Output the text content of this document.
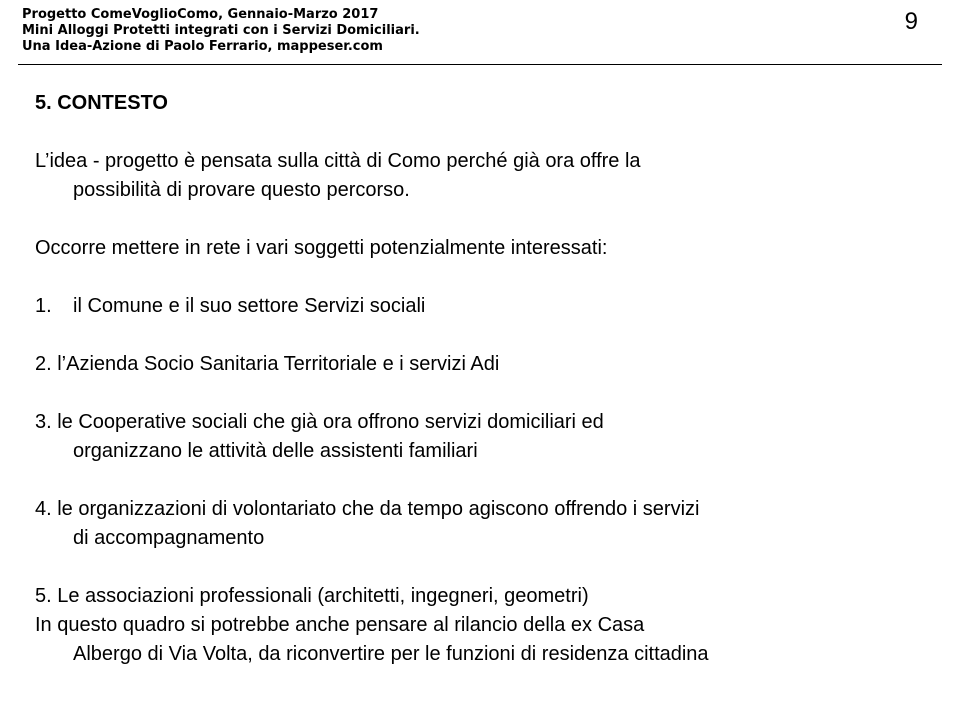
Progetto ComeVoglioComo, Gennaio-Marzo 2017
Mini Alloggi Protetti integrati con i Servizi Domiciliari.
Una Idea-Azione di Paolo Ferrario, mappeser.com
9
5. CONTESTO
L’idea - progetto è pensata sulla città di Como perché già ora offre la
possibilità di provare questo percorso.
Occorre mettere in rete i vari soggetti potenzialmente interessati:
1.	il Comune e il suo settore Servizi sociali
2. l’Azienda Socio Sanitaria Territoriale e i servizi Adi
3. le Cooperative sociali che già ora offrono servizi domiciliari ed
organizzano le attività delle assistenti familiari
4. le organizzazioni di volontariato che da tempo agiscono offrendo i servizi
di accompagnamento
5. Le associazioni professionali (architetti, ingegneri, geometri)
In questo quadro si potrebbe anche pensare al rilancio della ex Casa
Albergo di Via Volta, da riconvertire per le funzioni di residenza cittadina
